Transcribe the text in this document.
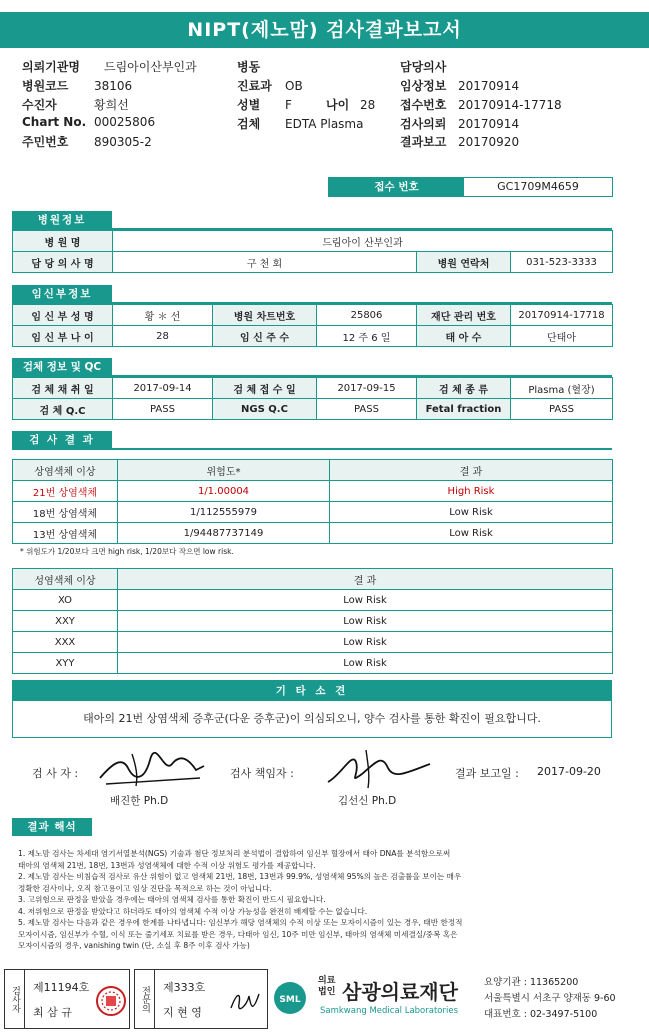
NIPT(제노맘) 검사결과보고서
의뢰기관명 드림아이산부인과
병원코드 38106
수진자	황희선
Chart No. 00025806
주민번호 890305-2
병동
진료과 OB
성별 F	나이 28
검체 EDTA Plasma
담당의사
임상정보 20170914
접수번호 20170914-17718
검사의뢰 20170914
결과보고 20170920
접수 번호	GC1709M4659
병원정보
병 원 명	드림아이 산부인과		
담 당 의 사 명	구 천 회	병원 연락처	031-523-3333
임신부정보
임 신 부 성 명	황 ＊ 선	병원 차트번호	25806	재단 관리 번호	20170914-17718
임 신 부 나 이	28	임 신 주 수	12 주 6 일	태 아 수	단태아
검체 정보 및 QC
검 체 채 취 일	2017-09-14	검 체 접 수 일	2017-09-15	검 체 종 류	Plasma (혈장)
검 체 Q.C	PASS	NGS Q.C	PASS	Fetal fraction	PASS
검 사 결 과
상염색체 이상	위험도*	결 과
21번 상염색체	1/1.00004	High Risk
18번 상염색체	1/112555979	Low Risk
13번 상염색체	1/94487737149	Low Risk
* 위험도가 1/20보다 크면 high risk, 1/20보다 작으면 low risk.
성염색체 이상	결 과
XO	Low Risk
XXY	Low Risk
XXX	Low Risk
XYY	Low Risk
기 타 소 견
태아의 21번 상염색체 증후군(다운 증후군)이 의심되오니, 양수 검사를 통한 확진이 필요합니다.
검 사 자 :
배진한 Ph.D
검사 책임자 :
김선신 Ph.D
결과 보고일 : 2017-09-20
결과 해석

1. 제노맘 검사는 차세대 염기서열분석(NGS) 기술과 첨단 정보처리 분석법이 결합하여 임신부 혈장에서 태아 DNA를 분석함으로써

태아의 염색체 21번, 18번, 13번과 성염색체에 대한 수적 이상 위험도 평가를 제공합니다.

2. 제노맘 검사는 비침습적 검사로 유산 위험이 없고 염색체 21번, 18번, 13번과 99.9%, 성염색체 95%의 높은 검출률을 보이는 매우

정확한 검사이나, 오직 참고용이고 임상 진단을 목적으로 하는 것이 아닙니다.

3. 고위험으로 판정을 받았을 경우에는 태아의 염색체 검사를 통한 확진이 반드시 필요합니다.

4. 저위험으로 판정을 받았다고 하더라도 태아의 염색체 수적 이상 가능성을 완전히 배제할 수는 없습니다.

5. 제노맘 검사는 다음과 같은 경우에 한계를 나타냅니다: 임신부가 해당 염색체의 수적 이상 또는 모자이시즘이 있는 경우, 태반 한정적

모자이시즘, 임신부가 수혈, 이식 또는 줄기세포 치료를 받은 경우, 다태아 임신, 10주 미만 임신부, 태아의 염색체 미세결실/중복 혹은

모자이시즘의 경우, vanishing twin (단, 소실 후 8주 이후 검사 가능)

검사자	제11194호
최 삼 규	전문의	제333호
지 현 영
SML
의료
법인 삼광의료재단
Samkwang Medical Laboratories
요양기관 : 11365200
서울특별시 서초구 양재동 9-60
대표번호 : 02-3497-5100
